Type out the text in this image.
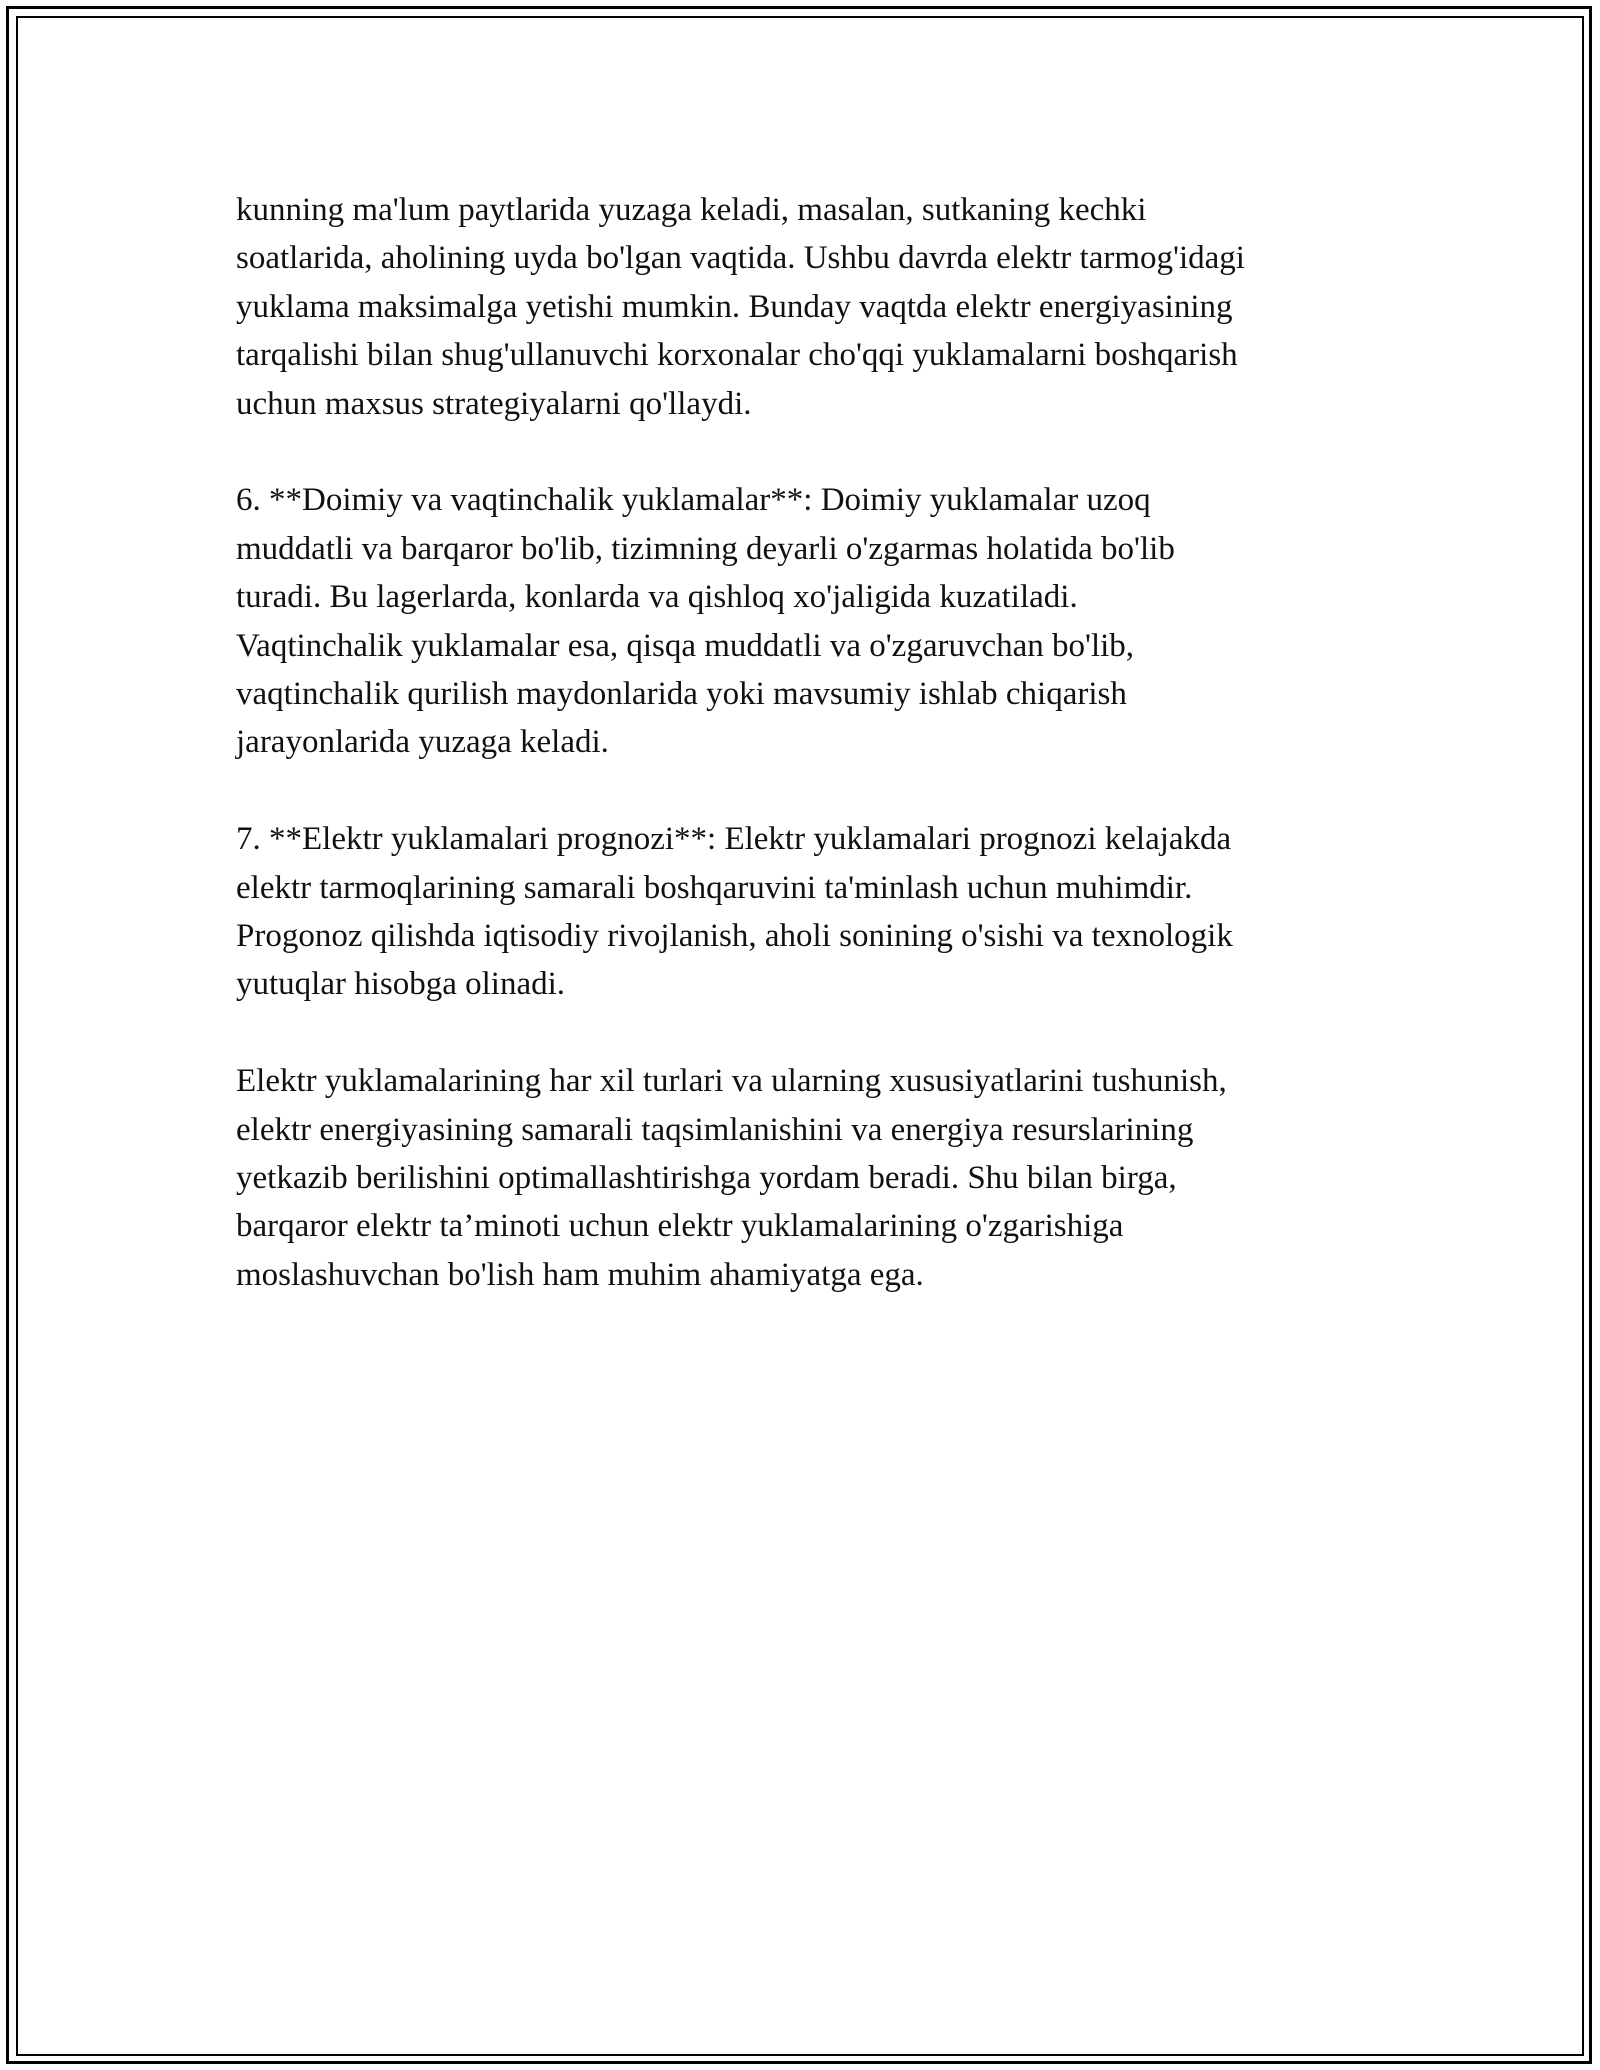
kunning ma'lum paytlarida yuzaga keladi, masalan, sutkaning kechki
soatlarida, aholining uyda bo'lgan vaqtida. Ushbu davrda elektr tarmog'idagi
yuklama maksimalga yetishi mumkin. Bunday vaqtda elektr energiyasining
tarqalishi bilan shug'ullanuvchi korxonalar cho'qqi yuklamalarni boshqarish
uchun maxsus strategiyalarni qo'llaydi.

6. **Doimiy va vaqtinchalik yuklamalar**: Doimiy yuklamalar uzoq
muddatli va barqaror bo'lib, tizimning deyarli o'zgarmas holatida bo'lib
turadi. Bu lagerlarda, konlarda va qishloq xo'jaligida kuzatiladi.
Vaqtinchalik yuklamalar esa, qisqa muddatli va o'zgaruvchan bo'lib,
vaqtinchalik qurilish maydonlarida yoki mavsumiy ishlab chiqarish
jarayonlarida yuzaga keladi.

7. **Elektr yuklamalari prognozi**: Elektr yuklamalari prognozi kelajakda
elektr tarmoqlarining samarali boshqaruvini ta'minlash uchun muhimdir.
Progonoz qilishda iqtisodiy rivojlanish, aholi sonining o'sishi va texnologik
yutuqlar hisobga olinadi.

Elektr yuklamalarining har xil turlari va ularning xususiyatlarini tushunish,
elektr energiyasining samarali taqsimlanishini va energiya resurslarining
yetkazib berilishini optimallashtirishga yordam beradi. Shu bilan birga,
barqaror elektr ta’minoti uchun elektr yuklamalarining o'zgarishiga
moslashuvchan bo'lish ham muhim ahamiyatga ega.
